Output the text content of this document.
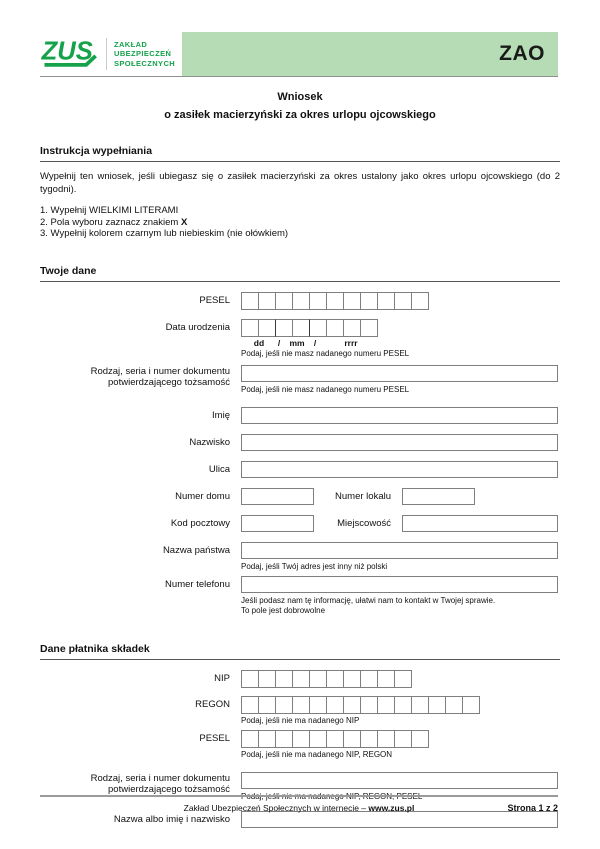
ZUS	ZAKŁAD
UBEZPIECZEŃ
SPOŁECZNYCH	ZAO
Wniosek
o zasiłek macierzyński za okres urlopu ojcowskiego
Instrukcja wypełniania

Wypełnij ten wniosek, jeśli ubiegasz się o zasiłek macierzyński za okres ustalony jako okres urlopu ojcowskiego (do 2 tygodni).

1. Wypełnij WIELKIMI LITERAMI
2. Pola wyboru zaznacz znakiem X
3. Wypełnij kolorem czarnym lub niebieskim (nie ołówkiem)
Twoje dane
PESEL
Data urodzenia
dd	/	mm	/	rrrr
Podaj, jeśli nie masz nadanego numeru PESEL
Rodzaj, seria i numer dokumentu
potwierdzającego tożsamość
Podaj, jeśli nie masz nadanego numeru PESEL
Imię
Nazwisko
Ulica
Numer domu	Numer lokalu
Kod pocztowy	Miejscowość
Nazwa państwa
Podaj, jeśli Twój adres jest inny niż polski
Numer telefonu
Jeśli podasz nam tę informację, ułatwi nam to kontakt w Twojej sprawie.
To pole jest dobrowolne
Dane płatnika składek
NIP
REGON
Podaj, jeśli nie ma nadanego NIP
PESEL
Podaj, jeśli nie ma nadanego NIP, REGON
Rodzaj, seria i numer dokumentu
potwierdzającego tożsamość
Podaj, jeśli nie ma nadanego NIP, REGON, PESEL
Nazwa albo imię i nazwisko
Zakład Ubezpieczeń Społecznych w internecie – www.zus.pl	Strona 1 z 2
